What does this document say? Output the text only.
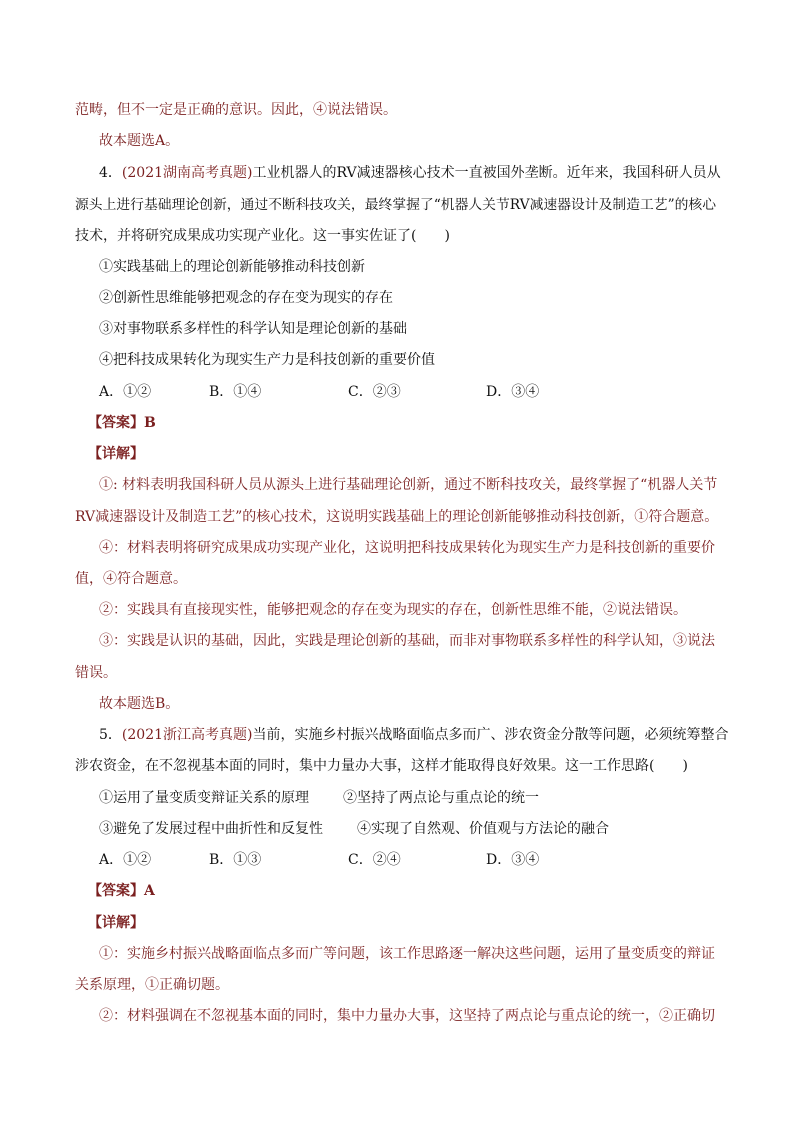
范畴，但不一定是正确的意识。因此，④说法错误。
故本题选A。
4．(2021湖南高考真题)工业机器人的RV减速器核心技术一直被国外垄断。近年来，我国科研人员从
源头上进行基础理论创新，通过不断科技攻关，最终掌握了“机器人关节RV减速器设计及制造工艺”的核心
技术，并将研究成果成功实现产业化。这一事实佐证了(　　)
①实践基础上的理论创新能够推动科技创新
②创新性思维能够把观念的存在变为现实的存在
③对事物联系多样性的科学认知是理论创新的基础
④把科技成果转化为现实生产力是科技创新的重要价值
A．①②	B．①④	C．②③	D．③④
【答案】B
【详解】
①: 材料表明我国科研人员从源头上进行基础理论创新，通过不断科技攻关，最终掌握了“机器人关节
RV减速器设计及制造工艺”的核心技术，这说明实践基础上的理论创新能够推动科技创新，①符合题意。
④：材料表明将研究成果成功实现产业化，这说明把科技成果转化为现实生产力是科技创新的重要价
值，④符合题意。
②：实践具有直接现实性，能够把观念的存在变为现实的存在，创新性思维不能，②说法错误。
③：实践是认识的基础，因此，实践是理论创新的基础，而非对事物联系多样性的科学认知，③说法
错误。
故本题选B。
5．(2021浙江高考真题)当前，实施乡村振兴战略面临点多而广、涉农资金分散等问题，必须统筹整合
涉农资金，在不忽视基本面的同时，集中力量办大事，这样才能取得良好效果。这一工作思路(　　)
①运用了量变质变辩证关系的原理 ②坚持了两点论与重点论的统一
③避免了发展过程中曲折性和反复性 ④实现了自然观、价值观与方法论的融合
A．①②	B．①③	C．②④	D．③④
【答案】A
【详解】
①：实施乡村振兴战略面临点多而广等问题，该工作思路逐一解决这些问题，运用了量变质变的辩证
关系原理，①正确切题。
②：材料强调在不忽视基本面的同时，集中力量办大事，这坚持了两点论与重点论的统一，②正确切
